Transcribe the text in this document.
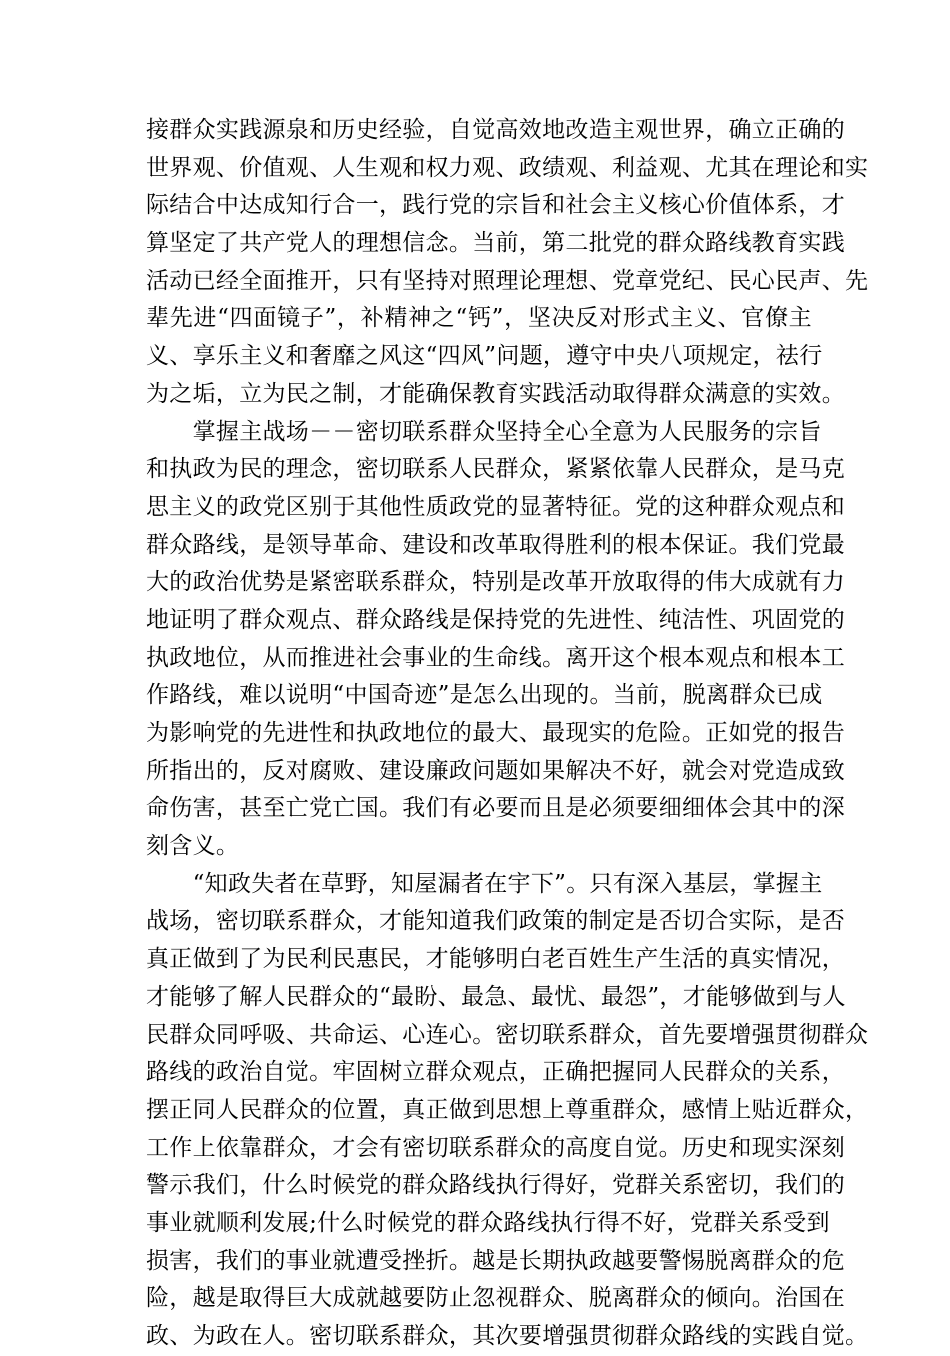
接群众实践源泉和历史经验，自觉高效地改造主观世界，确立正确的
世界观、价值观、人生观和权力观、政绩观、利益观、尤其在理论和实
际结合中达成知行合一，践行党的宗旨和社会主义核心价值体系，才
算坚定了共产党人的理想信念。当前，第二批党的群众路线教育实践
活动已经全面推开，只有坚持对照理论理想、党章党纪、民心民声、先
辈先进“四面镜子”，补精神之“钙”，坚决反对形式主义、官僚主
义、享乐主义和奢靡之风这“四风”问题，遵守中央八项规定，祛行
为之垢，立为民之制，才能确保教育实践活动取得群众满意的实效。
　　掌握主战场－－密切联系群众坚持全心全意为人民服务的宗旨
和执政为民的理念，密切联系人民群众，紧紧依靠人民群众，是马克
思主义的政党区别于其他性质政党的显著特征。党的这种群众观点和
群众路线，是领导革命、建设和改革取得胜利的根本保证。我们党最
大的政治优势是紧密联系群众，特别是改革开放取得的伟大成就有力
地证明了群众观点、群众路线是保持党的先进性、纯洁性、巩固党的
执政地位，从而推进社会事业的生命线。离开这个根本观点和根本工
作路线，难以说明“中国奇迹”是怎么出现的。当前，脱离群众已成
为影响党的先进性和执政地位的最大、最现实的危险。正如党的报告
所指出的，反对腐败、建设廉政问题如果解决不好，就会对党造成致
命伤害，甚至亡党亡国。我们有必要而且是必须要细细体会其中的深
刻含义。
　　“知政失者在草野，知屋漏者在宇下”。只有深入基层，掌握主
战场，密切联系群众，才能知道我们政策的制定是否切合实际，是否
真正做到了为民利民惠民，才能够明白老百姓生产生活的真实情况，
才能够了解人民群众的“最盼、最急、最忧、最怨”，才能够做到与人
民群众同呼吸、共命运、心连心。密切联系群众，首先要增强贯彻群众
路线的政治自觉。牢固树立群众观点，正确把握同人民群众的关系，
摆正同人民群众的位置，真正做到思想上尊重群众，感情上贴近群众，
工作上依靠群众，才会有密切联系群众的高度自觉。历史和现实深刻
警示我们，什么时候党的群众路线执行得好，党群关系密切，我们的
事业就顺利发展;什么时候党的群众路线执行得不好，党群关系受到
损害，我们的事业就遭受挫折。越是长期执政越要警惕脱离群众的危
险，越是取得巨大成就越要防止忽视群众、脱离群众的倾向。治国在
政、为政在人。密切联系群众，其次要增强贯彻群众路线的实践自觉。
